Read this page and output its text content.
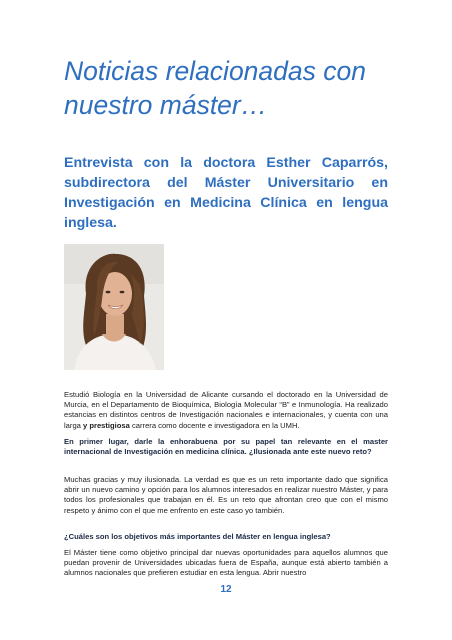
Noticias relacionadas con nuestro máster…

Entrevista con la doctora Esther Caparrós, subdirectora del Máster Universitario en Investigación en Medicina Clínica en lengua inglesa.

Estudió Biología en la Universidad de Alicante cursando el doctorado en la Universidad de Murcia, en el Departamento de Bioquímica, Biología Molecular “B” e Inmunología. Ha realizado estancias en distintos centros de Investigación nacionales e internacionales, y cuenta con una larga y prestigiosa carrera como docente e investigadora en la UMH.

En primer lugar, darle la enhorabuena por su papel tan relevante en el master internacional de Investigación en medicina clínica. ¿Ilusionada ante este nuevo reto?

Muchas gracias y muy ilusionada. La verdad es que es un reto importante dado que significa abrir un nuevo camino y opción para los alumnos interesados en realizar nuestro Máster, y para todos los profesionales que trabajan en él. Es un reto que afrontan creo que con el mismo respeto y ánimo con el que me enfrento en este caso yo también.

¿Cuáles son los objetivos más importantes del Máster en lengua inglesa?

El Máster tiene como objetivo principal dar nuevas oportunidades para aquellos alumnos que puedan provenir de Universidades ubicadas fuera de España, aunque está abierto también a alumnos nacionales que prefieren estudiar en esta lengua. Abrir nuestro

12
